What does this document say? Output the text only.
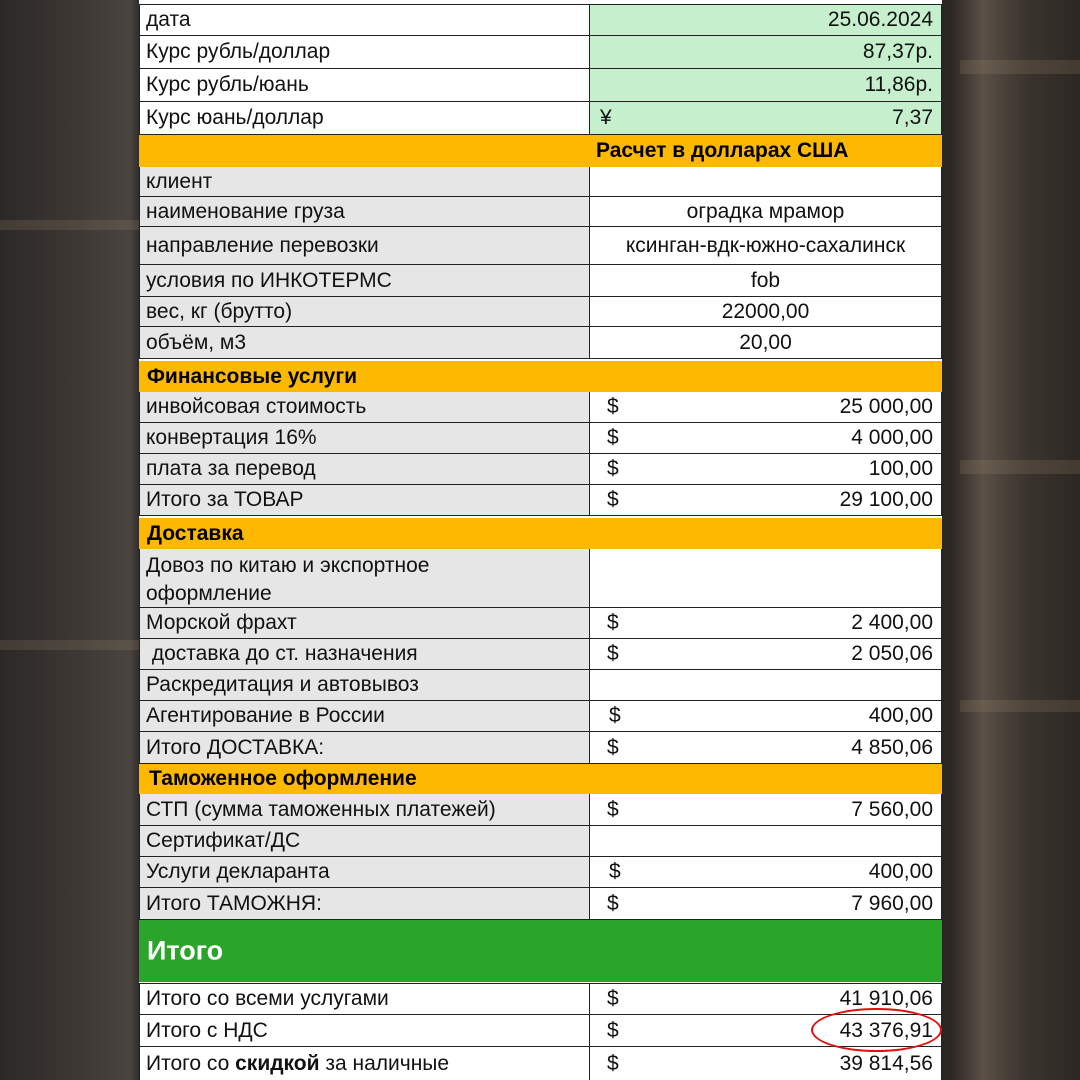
дата	25.06.2024
Курс рубль/доллар	87,37р.
Курс рубль/юань	11,86р.
Курс юань/доллар	¥	7,37
Расчет в долларах США
клиент
наименование груза	оградка мрамор
направление перевозки	ксинган-вдк-южно-сахалинск
условия по ИНКОТЕРМС	fob
вес, кг (брутто)	22000,00
объём, м3	20,00
Финансовые услуги
инвойсовая стоимость	$	25 000,00
конвертация 16%	$	4 000,00
плата за перевод	$	100,00
Итого за ТОВАР	$	29 100,00
Доставка
Довоз по китаю и экспортное
оформление
Морской фрахт	$	2 400,00
доставка до ст. назначения	$	2 050,06
Раскредитация и автовывоз
Агентирование в России	$	400,00
Итого ДОСТАВКА:	$	4 850,06
Таможенное оформление
СТП (сумма таможенных платежей)	$	7 560,00
Сертификат/ДС
Услуги декларанта	$	400,00
Итого ТАМОЖНЯ:	$	7 960,00
Итого
Итого со всеми услугами	$	41 910,06
Итого с НДС	$	43 376,91
Итого со скидкой за наличные	$	39 814,56
